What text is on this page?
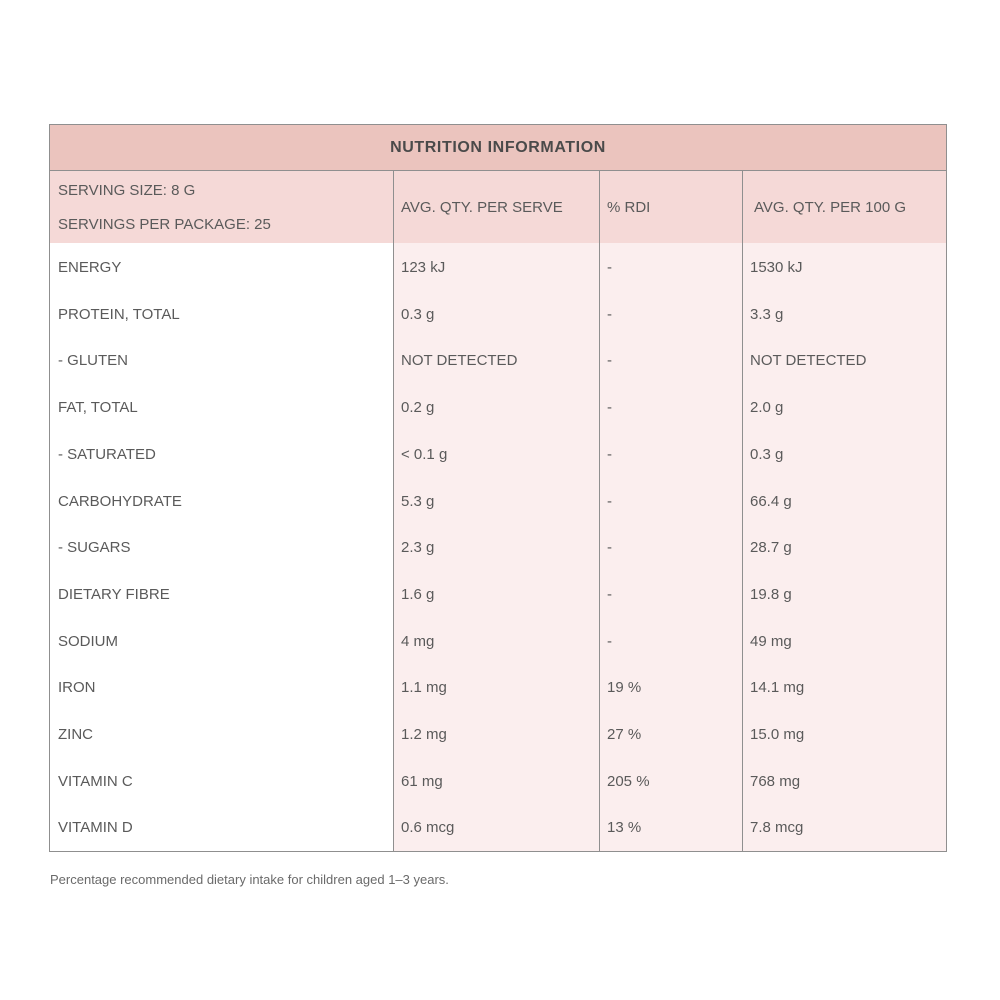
NUTRITION INFORMATION
SERVING SIZE: 8 G
SERVINGS PER PACKAGE: 25
AVG. QTY. PER SERVE	% RDI	AVG. QTY. PER 100 G
ENERGY	123 kJ	-	1530 kJ
PROTEIN, TOTAL	0.3 g	-	3.3 g
- GLUTEN	NOT DETECTED	-	NOT DETECTED
FAT, TOTAL	0.2 g	-	2.0 g
- SATURATED	< 0.1 g	-	0.3 g
CARBOHYDRATE	5.3 g	-	66.4 g
- SUGARS	2.3 g	-	28.7 g
DIETARY FIBRE	1.6 g	-	19.8 g
SODIUM	4 mg	-	49 mg
IRON	1.1 mg	19 %	14.1 mg
ZINC	1.2 mg	27 %	15.0 mg
VITAMIN C	61 mg	205 %	768 mg
VITAMIN D	0.6 mcg	13 %	7.8 mcg
Percentage recommended dietary intake for children aged 1–3 years.
